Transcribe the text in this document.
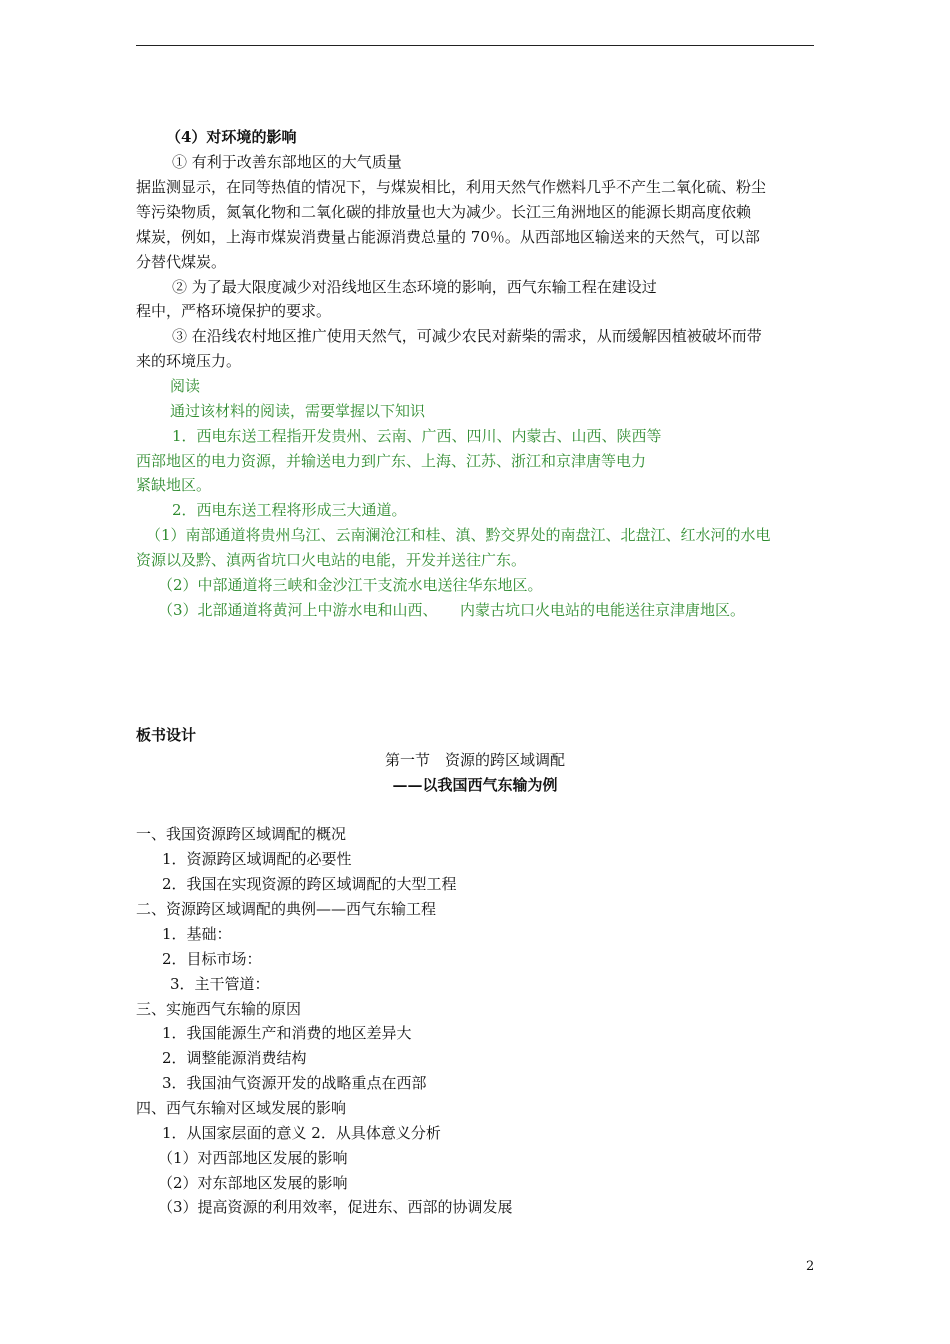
（4）对环境的影响
① 有利于改善东部地区的大气质量
据监测显示，在同等热值的情况下，与煤炭相比，利用天然气作燃料几乎不产生二氧化硫、粉尘
等污染物质，氮氧化物和二氧化碳的排放量也大为减少。长江三角洲地区的能源长期高度依赖
煤炭，例如，上海市煤炭消费量占能源消费总量的 70％。从西部地区输送来的天然气，可以部
分替代煤炭。
② 为了最大限度减少对沿线地区生态环境的影响，西气东输工程在建设过
程中，严格环境保护的要求。
③ 在沿线农村地区推广使用天然气，可减少农民对薪柴的需求，从而缓解因植被破坏而带
来的环境压力。
阅读
通过该材料的阅读，需要掌握以下知识
1．西电东送工程指开发贵州、云南、广西、四川、内蒙古、山西、陕西等
西部地区的电力资源，并输送电力到广东、上海、江苏、浙江和京津唐等电力
紧缺地区。
2．西电东送工程将形成三大通道。
（1）南部通道将贵州乌江、云南澜沧江和桂、滇、黔交界处的南盘江、北盘江、红水河的水电
资源以及黔、滇两省坑口火电站的电能，开发并送往广东。
（2）中部通道将三峡和金沙江干支流水电送往华东地区。
（3）北部通道将黄河上中游水电和山西、　　内蒙古坑口火电站的电能送往京津唐地区。
板书设计
第一节　资源的跨区域调配
——以我国西气东输为例
一、我国资源跨区域调配的概况
1．资源跨区域调配的必要性
2．我国在实现资源的跨区域调配的大型工程
二、资源跨区域调配的典例——西气东输工程
1．基础：
2．目标市场：
3．主干管道：
三、实施西气东输的原因
1．我国能源生产和消费的地区差异大
2．调整能源消费结构
3．我国油气资源开发的战略重点在西部
四、西气东输对区域发展的影响
1．从国家层面的意义 2．从具体意义分析
（1）对西部地区发展的影响
（2）对东部地区发展的影响
（3）提高资源的利用效率，促进东、西部的协调发展
2
